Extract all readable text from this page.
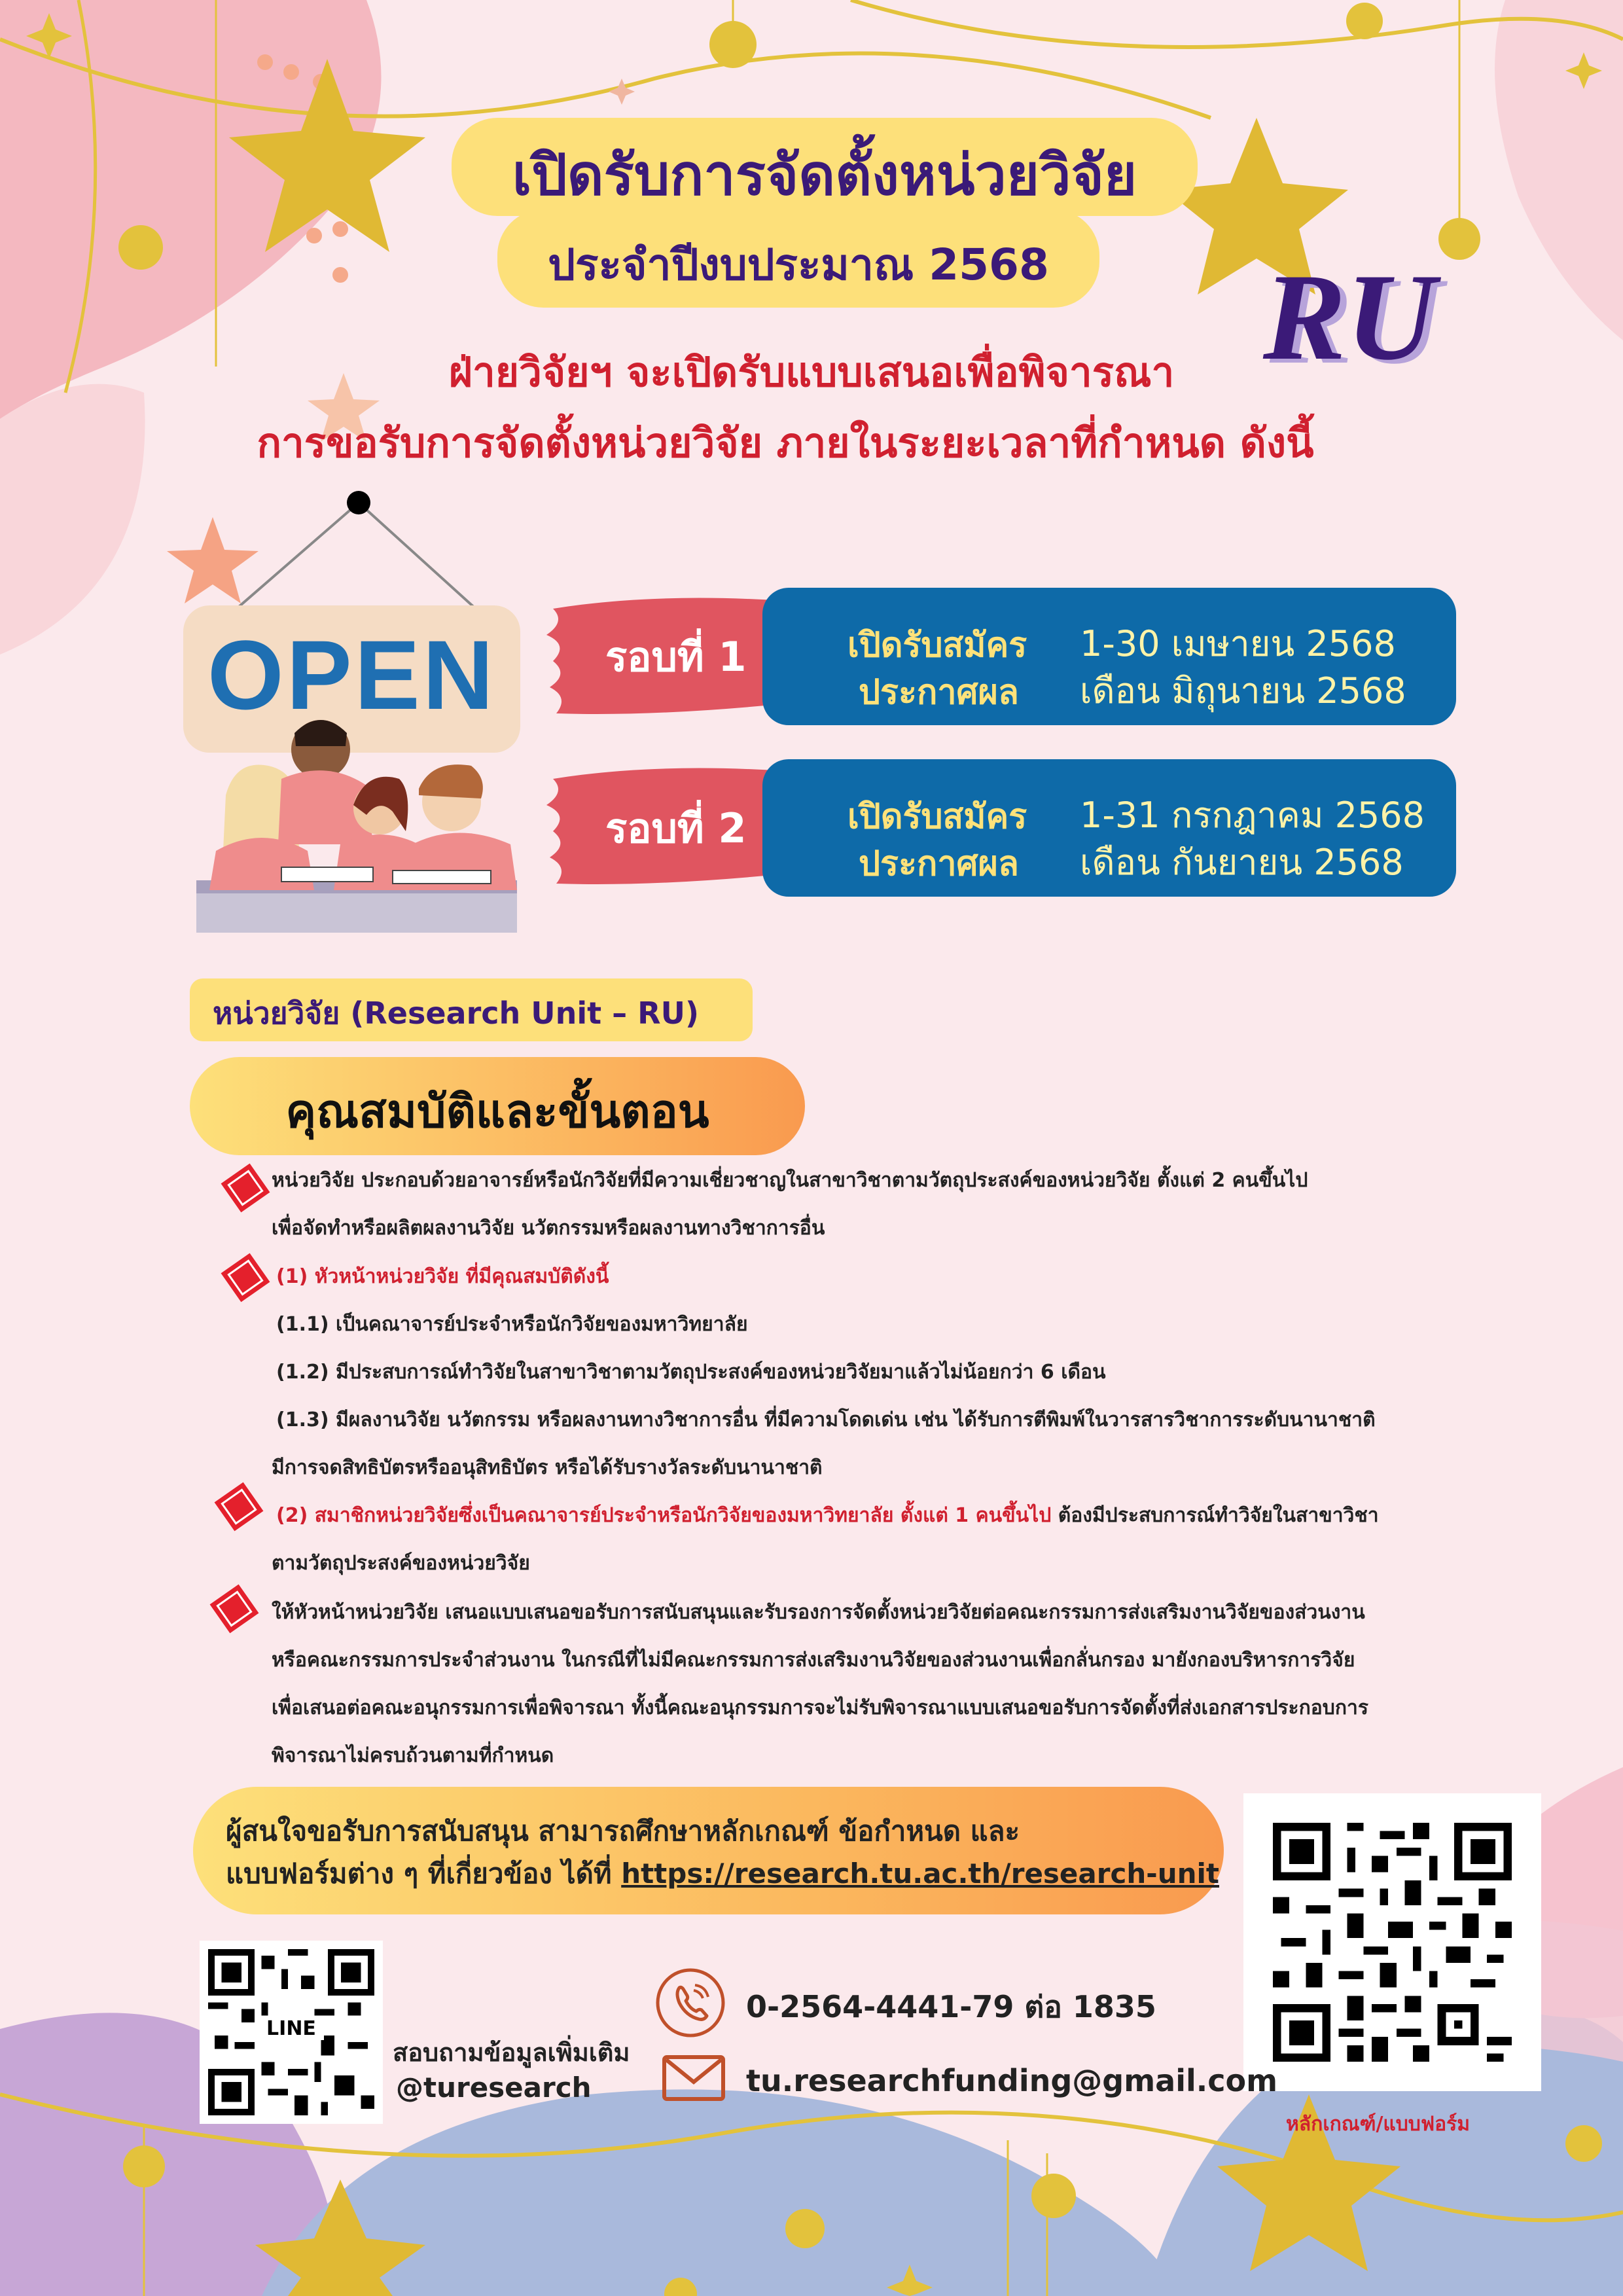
เปิดรับการจัดตั้งหน่วยวิจัย
ประจำปีงบประมาณ 2568	RU
ฝ่ายวิจัยฯ จะเปิดรับแบบเสนอเพื่อพิจารณา
การขอรับการจัดตั้งหน่วยวิจัย ภายในระยะเวลาที่กำหนด ดังนี้
OPEN	รอบที่ 1	เปิดรับสมัคร 1-30 เมษายน 2568
ประกาศผล เดือน มิถุนายน 2568
รอบที่ 2	เปิดรับสมัคร 1-31 กรกฎาคม 2568
ประกาศผล เดือน กันยายน 2568
หน่วยวิจัย (Research Unit – RU)
คุณสมบัติและขั้นตอน
หน่วยวิจัย ประกอบด้วยอาจารย์หรือนักวิจัยที่มีความเชี่ยวชาญในสาขาวิชาตามวัตถุประสงค์ของหน่วยวิจัย ตั้งแต่ 2 คนขึ้นไป
เพื่อจัดทำหรือผลิตผลงานวิจัย นวัตกรรมหรือผลงานทางวิชาการอื่น
(1) หัวหน้าหน่วยวิจัย ที่มีคุณสมบัติดังนี้
(1.1) เป็นคณาจารย์ประจำหรือนักวิจัยของมหาวิทยาลัย
(1.2) มีประสบการณ์ทำวิจัยในสาขาวิชาตามวัตถุประสงค์ของหน่วยวิจัยมาแล้วไม่น้อยกว่า 6 เดือน
(1.3) มีผลงานวิจัย นวัตกรรม หรือผลงานทางวิชาการอื่น ที่มีความโดดเด่น เช่น ได้รับการตีพิมพ์ในวารสารวิชาการระดับนานาชาติ
มีการจดสิทธิบัตรหรืออนุสิทธิบัตร หรือได้รับรางวัลระดับนานาชาติ
(2) สมาชิกหน่วยวิจัยซึ่งเป็นคณาจารย์ประจำหรือนักวิจัยของมหาวิทยาลัย ตั้งแต่ 1 คนขึ้นไป ต้องมีประสบการณ์ทำวิจัยในสาขาวิชา
ตามวัตถุประสงค์ของหน่วยวิจัย
ให้หัวหน้าหน่วยวิจัย เสนอแบบเสนอขอรับการสนับสนุนและรับรองการจัดตั้งหน่วยวิจัยต่อคณะกรรมการส่งเสริมงานวิจัยของส่วนงาน
หรือคณะกรรมการประจำส่วนงาน ในกรณีที่ไม่มีคณะกรรมการส่งเสริมงานวิจัยของส่วนงานเพื่อกลั่นกรอง มายังกองบริหารการวิจัย
เพื่อเสนอต่อคณะอนุกรรมการเพื่อพิจารณา ทั้งนี้คณะอนุกรรมการจะไม่รับพิจารณาแบบเสนอขอรับการจัดตั้งที่ส่งเอกสารประกอบการ
พิจารณาไม่ครบถ้วนตามที่กำหนด
ผู้สนใจขอรับการสนับสนุน สามารถศึกษาหลักเกณฑ์ ข้อกำหนด และ
แบบฟอร์มต่าง ๆ ที่เกี่ยวข้อง ได้ที่ https://research.tu.ac.th/research-unit
หลักเกณฑ์/แบบฟอร์ม
LINE
สอบถามข้อมูลเพิ่มเติม
@turesearch
0-2564-4441-79 ต่อ 1835
tu.researchfunding@gmail.com
